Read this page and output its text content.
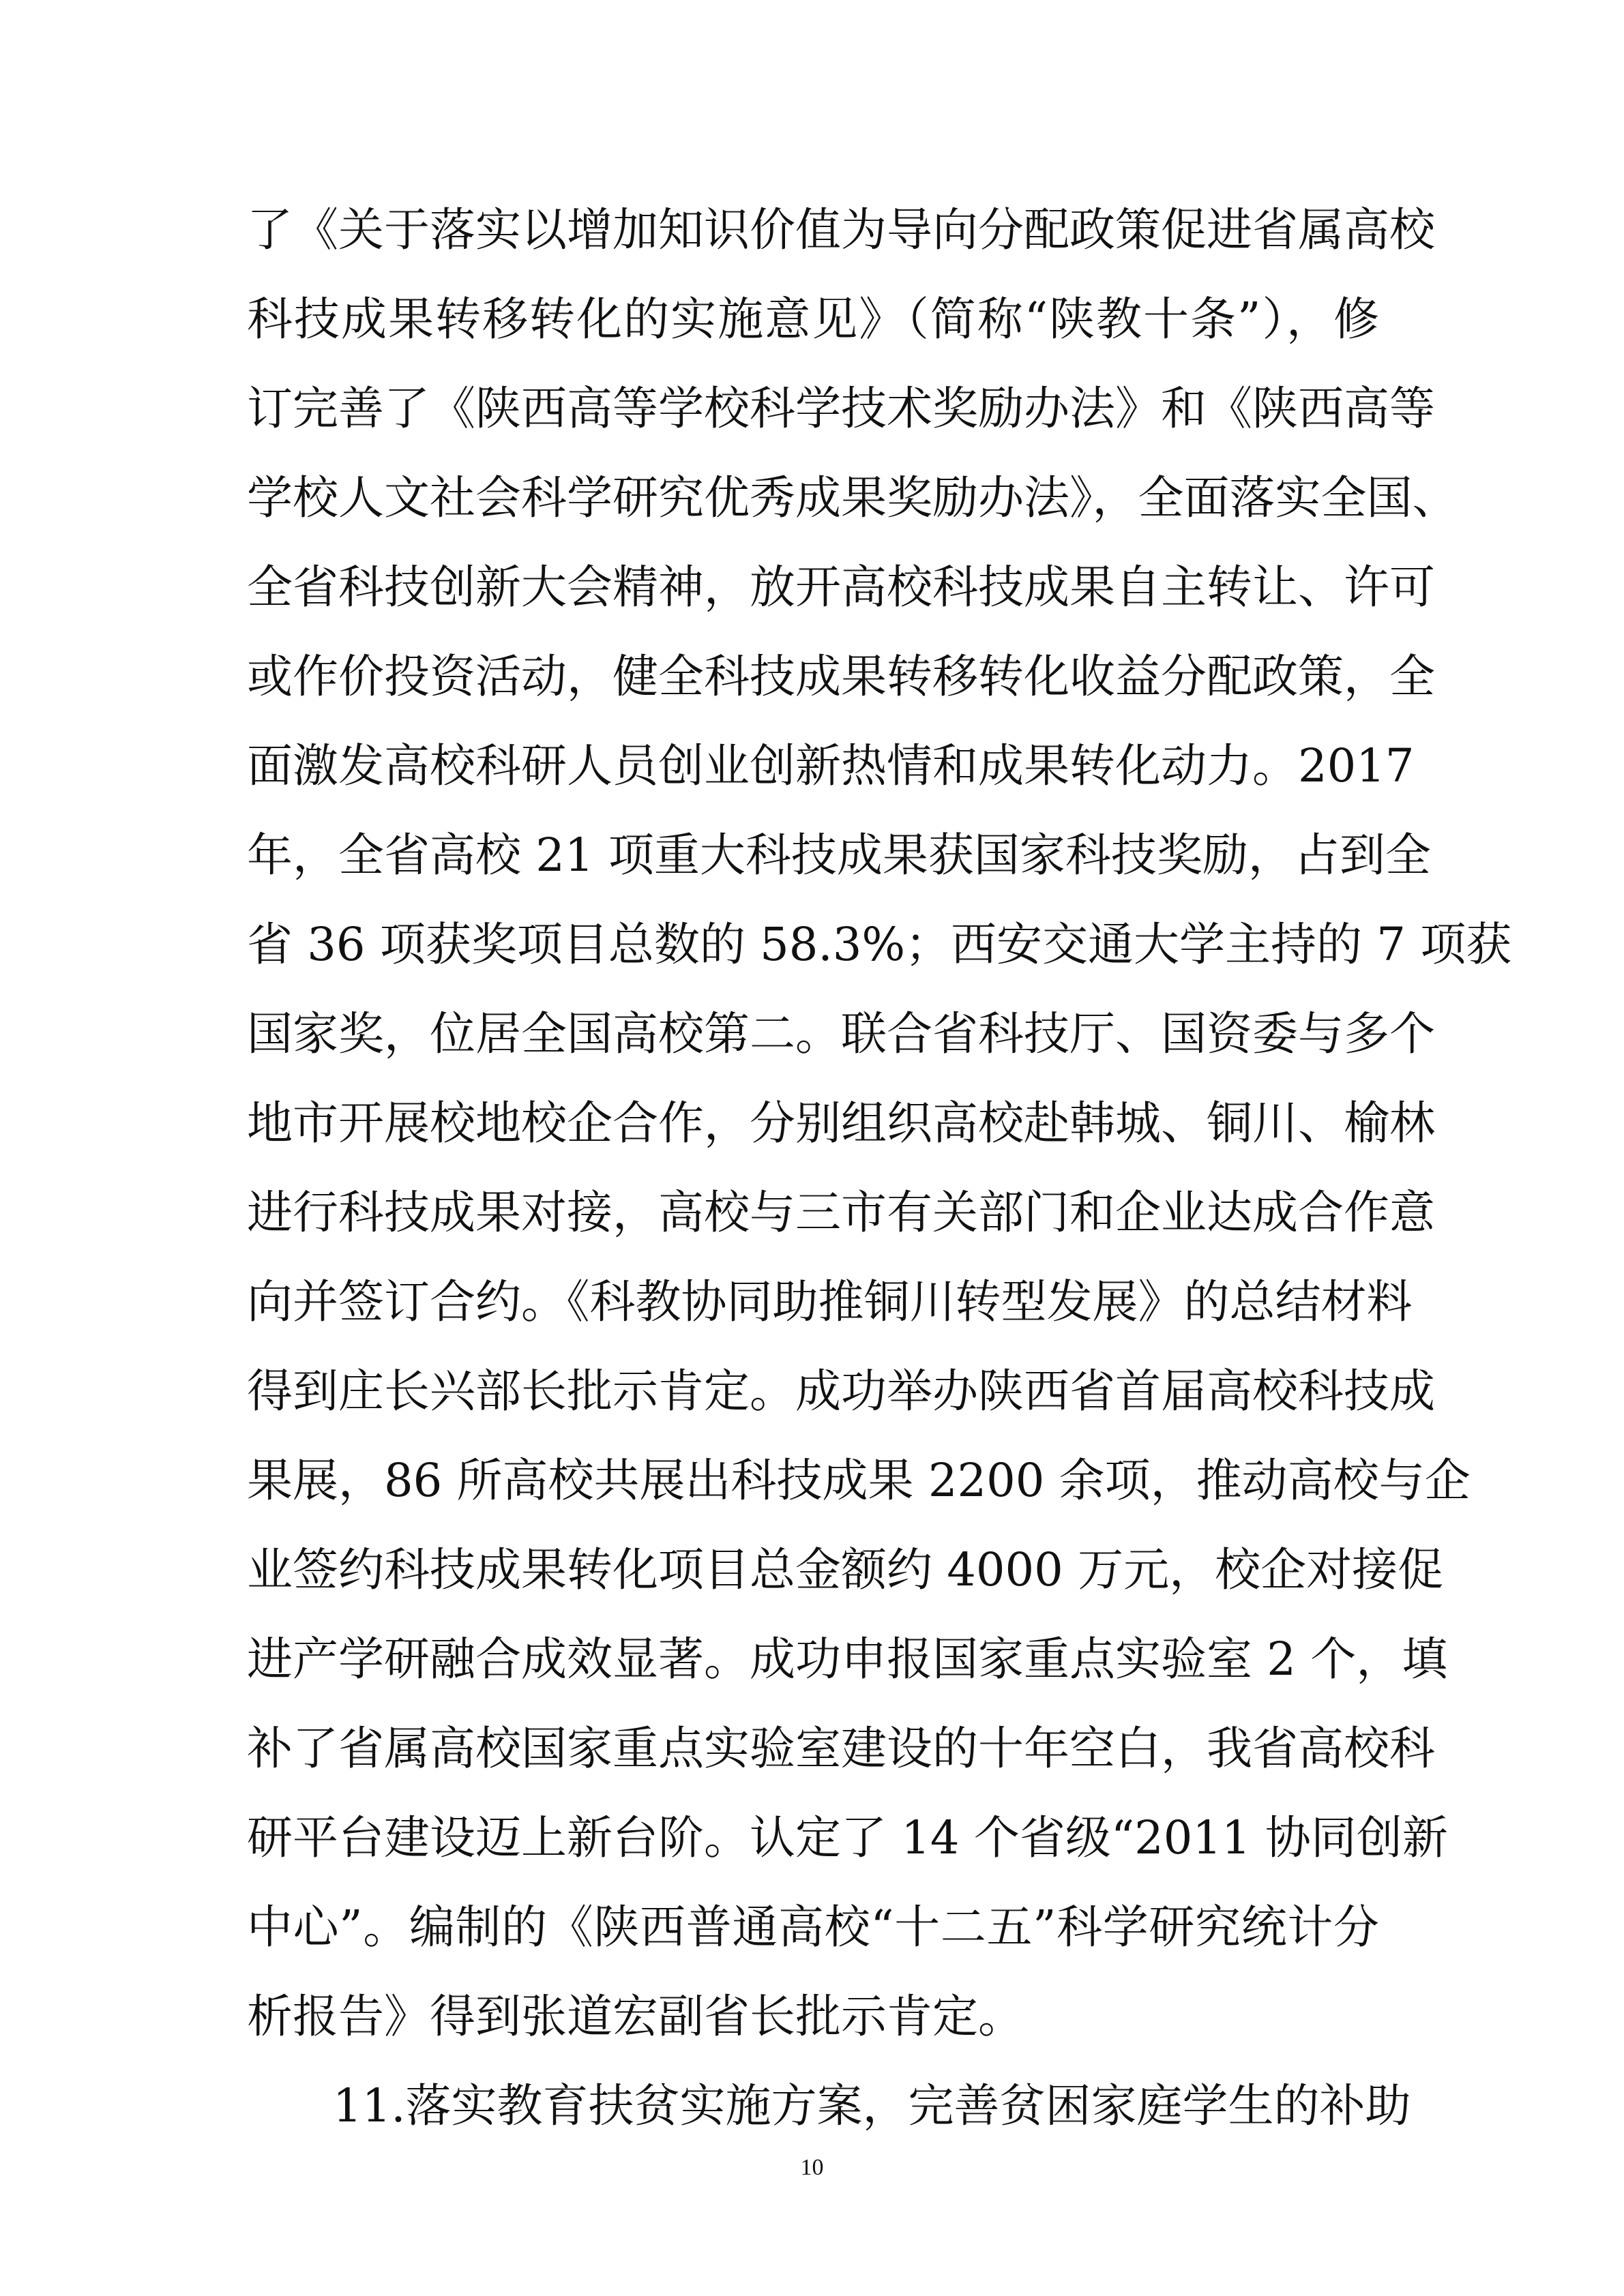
了《关于落实以增加知识价值为导向分配政策促进省属高校
科技成果转移转化的实施意见》（简称“陕教十条”），修
订完善了《陕西高等学校科学技术奖励办法》和《陕西高等
学校人文社会科学研究优秀成果奖励办法》，全面落实全国、
全省科技创新大会精神，放开高校科技成果自主转让、许可
或作价投资活动，健全科技成果转移转化收益分配政策，全
面激发高校科研人员创业创新热情和成果转化动力。2017
年，全省高校 21 项重大科技成果获国家科技奖励，占到全
省 36 项获奖项目总数的 58.3%；西安交通大学主持的 7 项获
国家奖，位居全国高校第二。联合省科技厅、国资委与多个
地市开展校地校企合作，分别组织高校赴韩城、铜川、榆林
进行科技成果对接，高校与三市有关部门和企业达成合作意
向并签订合约。《科教协同助推铜川转型发展》的总结材料
得到庄长兴部长批示肯定。成功举办陕西省首届高校科技成
果展，86 所高校共展出科技成果 2200 余项，推动高校与企
业签约科技成果转化项目总金额约 4000 万元，校企对接促
进产学研融合成效显著。成功申报国家重点实验室 2 个，填
补了省属高校国家重点实验室建设的十年空白，我省高校科
研平台建设迈上新台阶。认定了 14 个省级“2011 协同创新
中心”。编制的《陕西普通高校“十二五”科学研究统计分
析报告》得到张道宏副省长批示肯定。
11.落实教育扶贫实施方案，完善贫困家庭学生的补助
10
